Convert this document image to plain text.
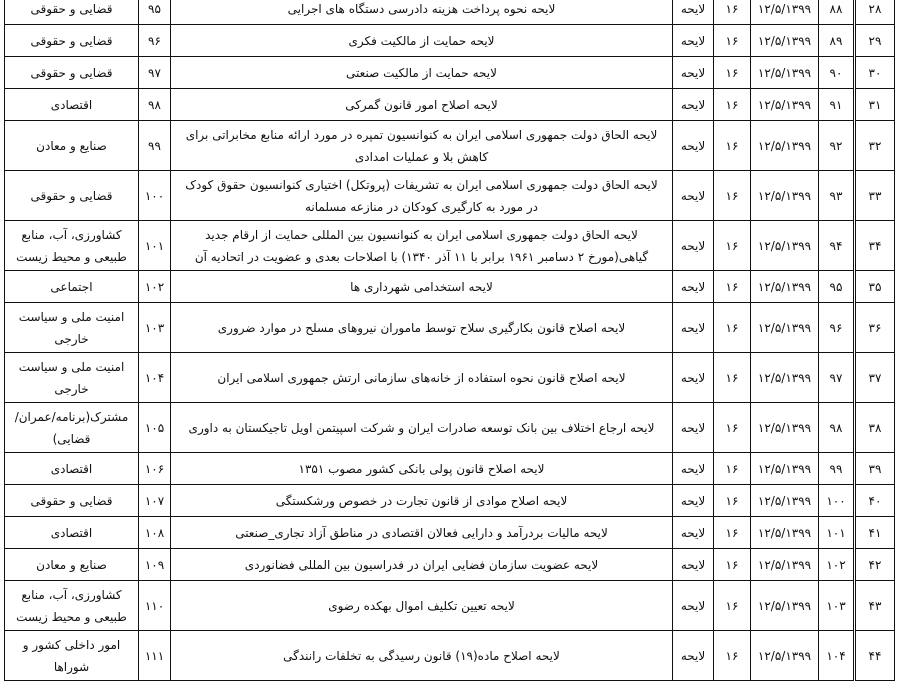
۲۸	۸۸	۱۲/۵/۱۳۹۹	۱۶	لایحه	لایحه نحوه پرداخت هزینه دادرسی دستگاه های اجرایی	۹۵	قضایی و حقوقی
۲۹	۸۹	۱۲/۵/۱۳۹۹	۱۶	لایحه	لایحه حمایت از مالکیت فکری	۹۶	قضایی و حقوقی
۳۰	۹۰	۱۲/۵/۱۳۹۹	۱۶	لایحه	لایحه حمایت از مالکیت صنعتی	۹۷	قضایی و حقوقی
۳۱	۹۱	۱۲/۵/۱۳۹۹	۱۶	لایحه	لایحه اصلاح امور قانون گمرکی	۹۸	اقتصادی
۳۲	۹۲	۱۲/۵/۱۳۹۹	۱۶	لایحه	لایحه الحاق دولت جمهوری اسلامی ایران به کنوانسیون تمپره در مورد ارائه منابع مخابراتی برای کاهش بلا و عملیات امدادی	۹۹	صنایع و معادن
۳۳	۹۳	۱۲/۵/۱۳۹۹	۱۶	لایحه	لایحه الحاق دولت جمهوری اسلامی ایران به تشریفات (پروتکل) اختیاری کنوانسیون حقوق کودک در مورد به کارگیری کودکان در منازعه مسلمانه	۱۰۰	قضایی و حقوقی
۳۴	۹۴	۱۲/۵/۱۳۹۹	۱۶	لایحه	لایحه الحاق دولت جمهوری اسلامی ایران به کنوانسیون بین المللی حمایت از ارقام جدید گیاهی(مورخ ۲ دسامبر ۱۹۶۱ برابر با ۱۱ آذر ۱۳۴۰) با اصلاحات بعدی و عضویت در اتحادیه آن	۱۰۱	کشاورزی، آب، منابع طبیعی و محیط زیست
۳۵	۹۵	۱۲/۵/۱۳۹۹	۱۶	لایحه	لایحه استخدامی شهرداری ها	۱۰۲	اجتماعی
۳۶	۹۶	۱۲/۵/۱۳۹۹	۱۶	لایحه	لایحه اصلاح قانون بکارگیری سلاح توسط ماموران نیروهای مسلح در موارد ضروری	۱۰۳	امنیت ملی و سیاست خارجی
۳۷	۹۷	۱۲/۵/۱۳۹۹	۱۶	لایحه	لایحه اصلاح قانون نحوه استفاده از خانه‌های سازمانی ارتش جمهوری اسلامی ایران	۱۰۴	امنیت ملی و سیاست خارجی
۳۸	۹۸	۱۲/۵/۱۳۹۹	۱۶	لایحه	لایحه ارجاع اختلاف بین بانک توسعه صادرات ایران و شرکت اسپیتمن اویل تاجیکستان به داوری	۱۰۵	مشترک(برنامه/عمران/قضایی)
۳۹	۹۹	۱۲/۵/۱۳۹۹	۱۶	لایحه	لایحه اصلاح قانون پولی بانکی کشور مصوب ۱۳۵۱	۱۰۶	اقتصادی
۴۰	۱۰۰	۱۲/۵/۱۳۹۹	۱۶	لایحه	لایحه اصلاح موادی از قانون تجارت در خصوص ورشکستگی	۱۰۷	قضایی و حقوقی
۴۱	۱۰۱	۱۲/۵/۱۳۹۹	۱۶	لایحه	لایحه مالیات بردرآمد و دارایی فعالان اقتصادی در مناطق آزاد تجاری_صنعتی	۱۰۸	اقتصادی
۴۲	۱۰۲	۱۲/۵/۱۳۹۹	۱۶	لایحه	لایحه عضویت سازمان فضایی ایران در فدراسیون بین المللی فضانوردی	۱۰۹	صنایع و معادن
۴۳	۱۰۳	۱۲/۵/۱۳۹۹	۱۶	لایحه	لایحه تعیین تکلیف اموال بهکده رضوی	۱۱۰	کشاورزی، آب، منابع طبیعی و محیط زیست
۴۴	۱۰۴	۱۲/۵/۱۳۹۹	۱۶	لایحه	لایحه اصلاح ماده(۱۹) قانون رسیدگی به تخلفات رانندگی	۱۱۱	امور داخلی کشور و شوراها
